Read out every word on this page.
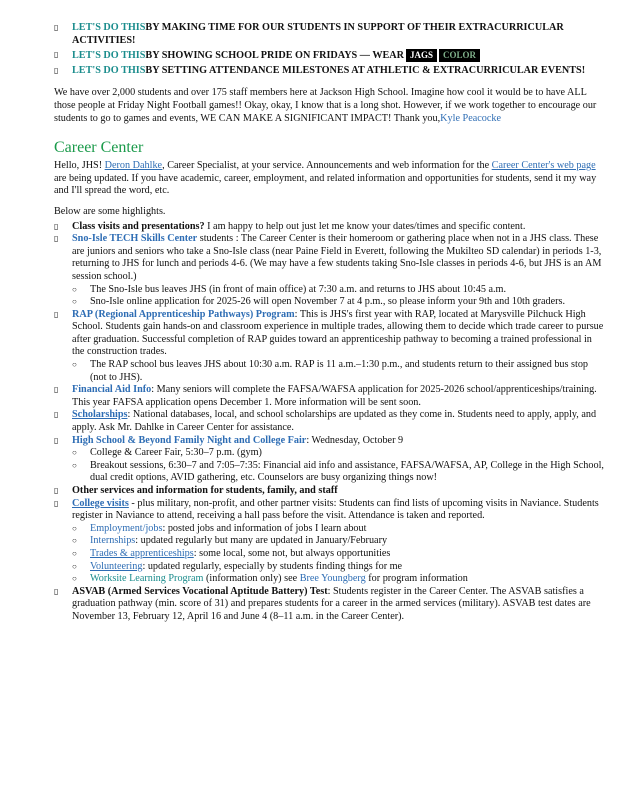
▯ LET'S DO THISBY MAKING TIME FOR OUR STUDENTS IN SUPPORT OF THEIR EXTRACURRICULAR ACTIVITIES!
▯ LET'S DO THISBY SHOWING SCHOOL PRIDE ON FRIDAYS — WEAR JAGS COLOR
▯ LET'S DO THISBY SETTING ATTENDANCE MILESTONES AT ATHLETIC & EXTRACURRICULAR EVENTS!
We have over 2,000 students and over 175 staff members here at Jackson High School. Imagine how cool it would be to have ALL those people at Friday Night Football games!! Okay, okay, I know that is a long shot. However, if we work together to encourage our students to go to games and events, WE CAN MAKE A SIGNIFICANT IMPACT! Thank you,Kyle Peacocke
Career Center
Hello, JHS! Deron Dahlke, Career Specialist, at your service. Announcements and web information for the Career Center's web page are being updated. If you have academic, career, employment, and related information and opportunities for students, send it my way and I'll spread the word, etc.
Below are some highlights.
▯ Class visits and presentations? I am happy to help out just let me know your dates/times and specific content.
▯ Sno-Isle TECH Skills Center students : The Career Center is their homeroom or gathering place when not in a JHS class. These are juniors and seniors who take a Sno-Isle class (near Paine Field in Everett, following the Mukilteo SD calendar) in periods 1-3, returning to JHS for lunch and periods 4-6. (We may have a few students taking Sno-Isle classes in periods 4-6, but JHS is an AM session school.)
○ The Sno-Isle bus leaves JHS (in front of main office) at 7:30 a.m. and returns to JHS about 10:45 a.m.
○ Sno-Isle online application for 2025-26 will open November 7 at 4 p.m., so please inform your 9th and 10th graders.
▯ RAP (Regional Apprenticeship Pathways) Program: This is JHS's first year with RAP, located at Marysville Pilchuck High School. Students gain hands-on and classroom experience in multiple trades, allowing them to decide which trade career to pursue after graduation. Successful completion of RAP guides toward an apprenticeship pathway to becoming a trained professional in the construction trades.
○ The RAP school bus leaves JHS about 10:30 a.m. RAP is 11 a.m.–1:30 p.m., and students return to their assigned bus stop (not to JHS).
▯ Financial Aid Info: Many seniors will complete the FAFSA/WAFSA application for 2025-2026 school/apprenticeships/training. This year FAFSA application opens December 1. More information will be sent soon.
▯ Scholarships: National databases, local, and school scholarships are updated as they come in. Students need to apply, apply, and apply. Ask Mr. Dahlke in Career Center for assistance.
▯ High School & Beyond Family Night and College Fair: Wednesday, October 9
○ College & Career Fair, 5:30–7 p.m. (gym)
○ Breakout sessions, 6:30–7 and 7:05–7:35: Financial aid info and assistance, FAFSA/WAFSA, AP, College in the High School, dual credit options, AVID gathering, etc. Counselors are busy organizing things now!
▯ Other services and information for students, family, and staff
▯ College visits - plus military, non-profit, and other partner visits: Students can find lists of upcoming visits in Naviance. Students register in Naviance to attend, receiving a hall pass before the visit. Attendance is taken and reported.
○ Employment/jobs: posted jobs and information of jobs I learn about
○ Internships: updated regularly but many are updated in January/February
○ Trades & apprenticeships: some local, some not, but always opportunities
○ Volunteering: updated regularly, especially by students finding things for me
○ Worksite Learning Program (information only) see Bree Youngberg for program information
▯ ASVAB (Armed Services Vocational Aptitude Battery) Test: Students register in the Career Center. The ASVAB satisfies a graduation pathway (min. score of 31) and prepares students for a career in the armed services (military). ASVAB test dates are November 13, February 12, April 16 and June 4 (8–11 a.m. in the Career Center).
